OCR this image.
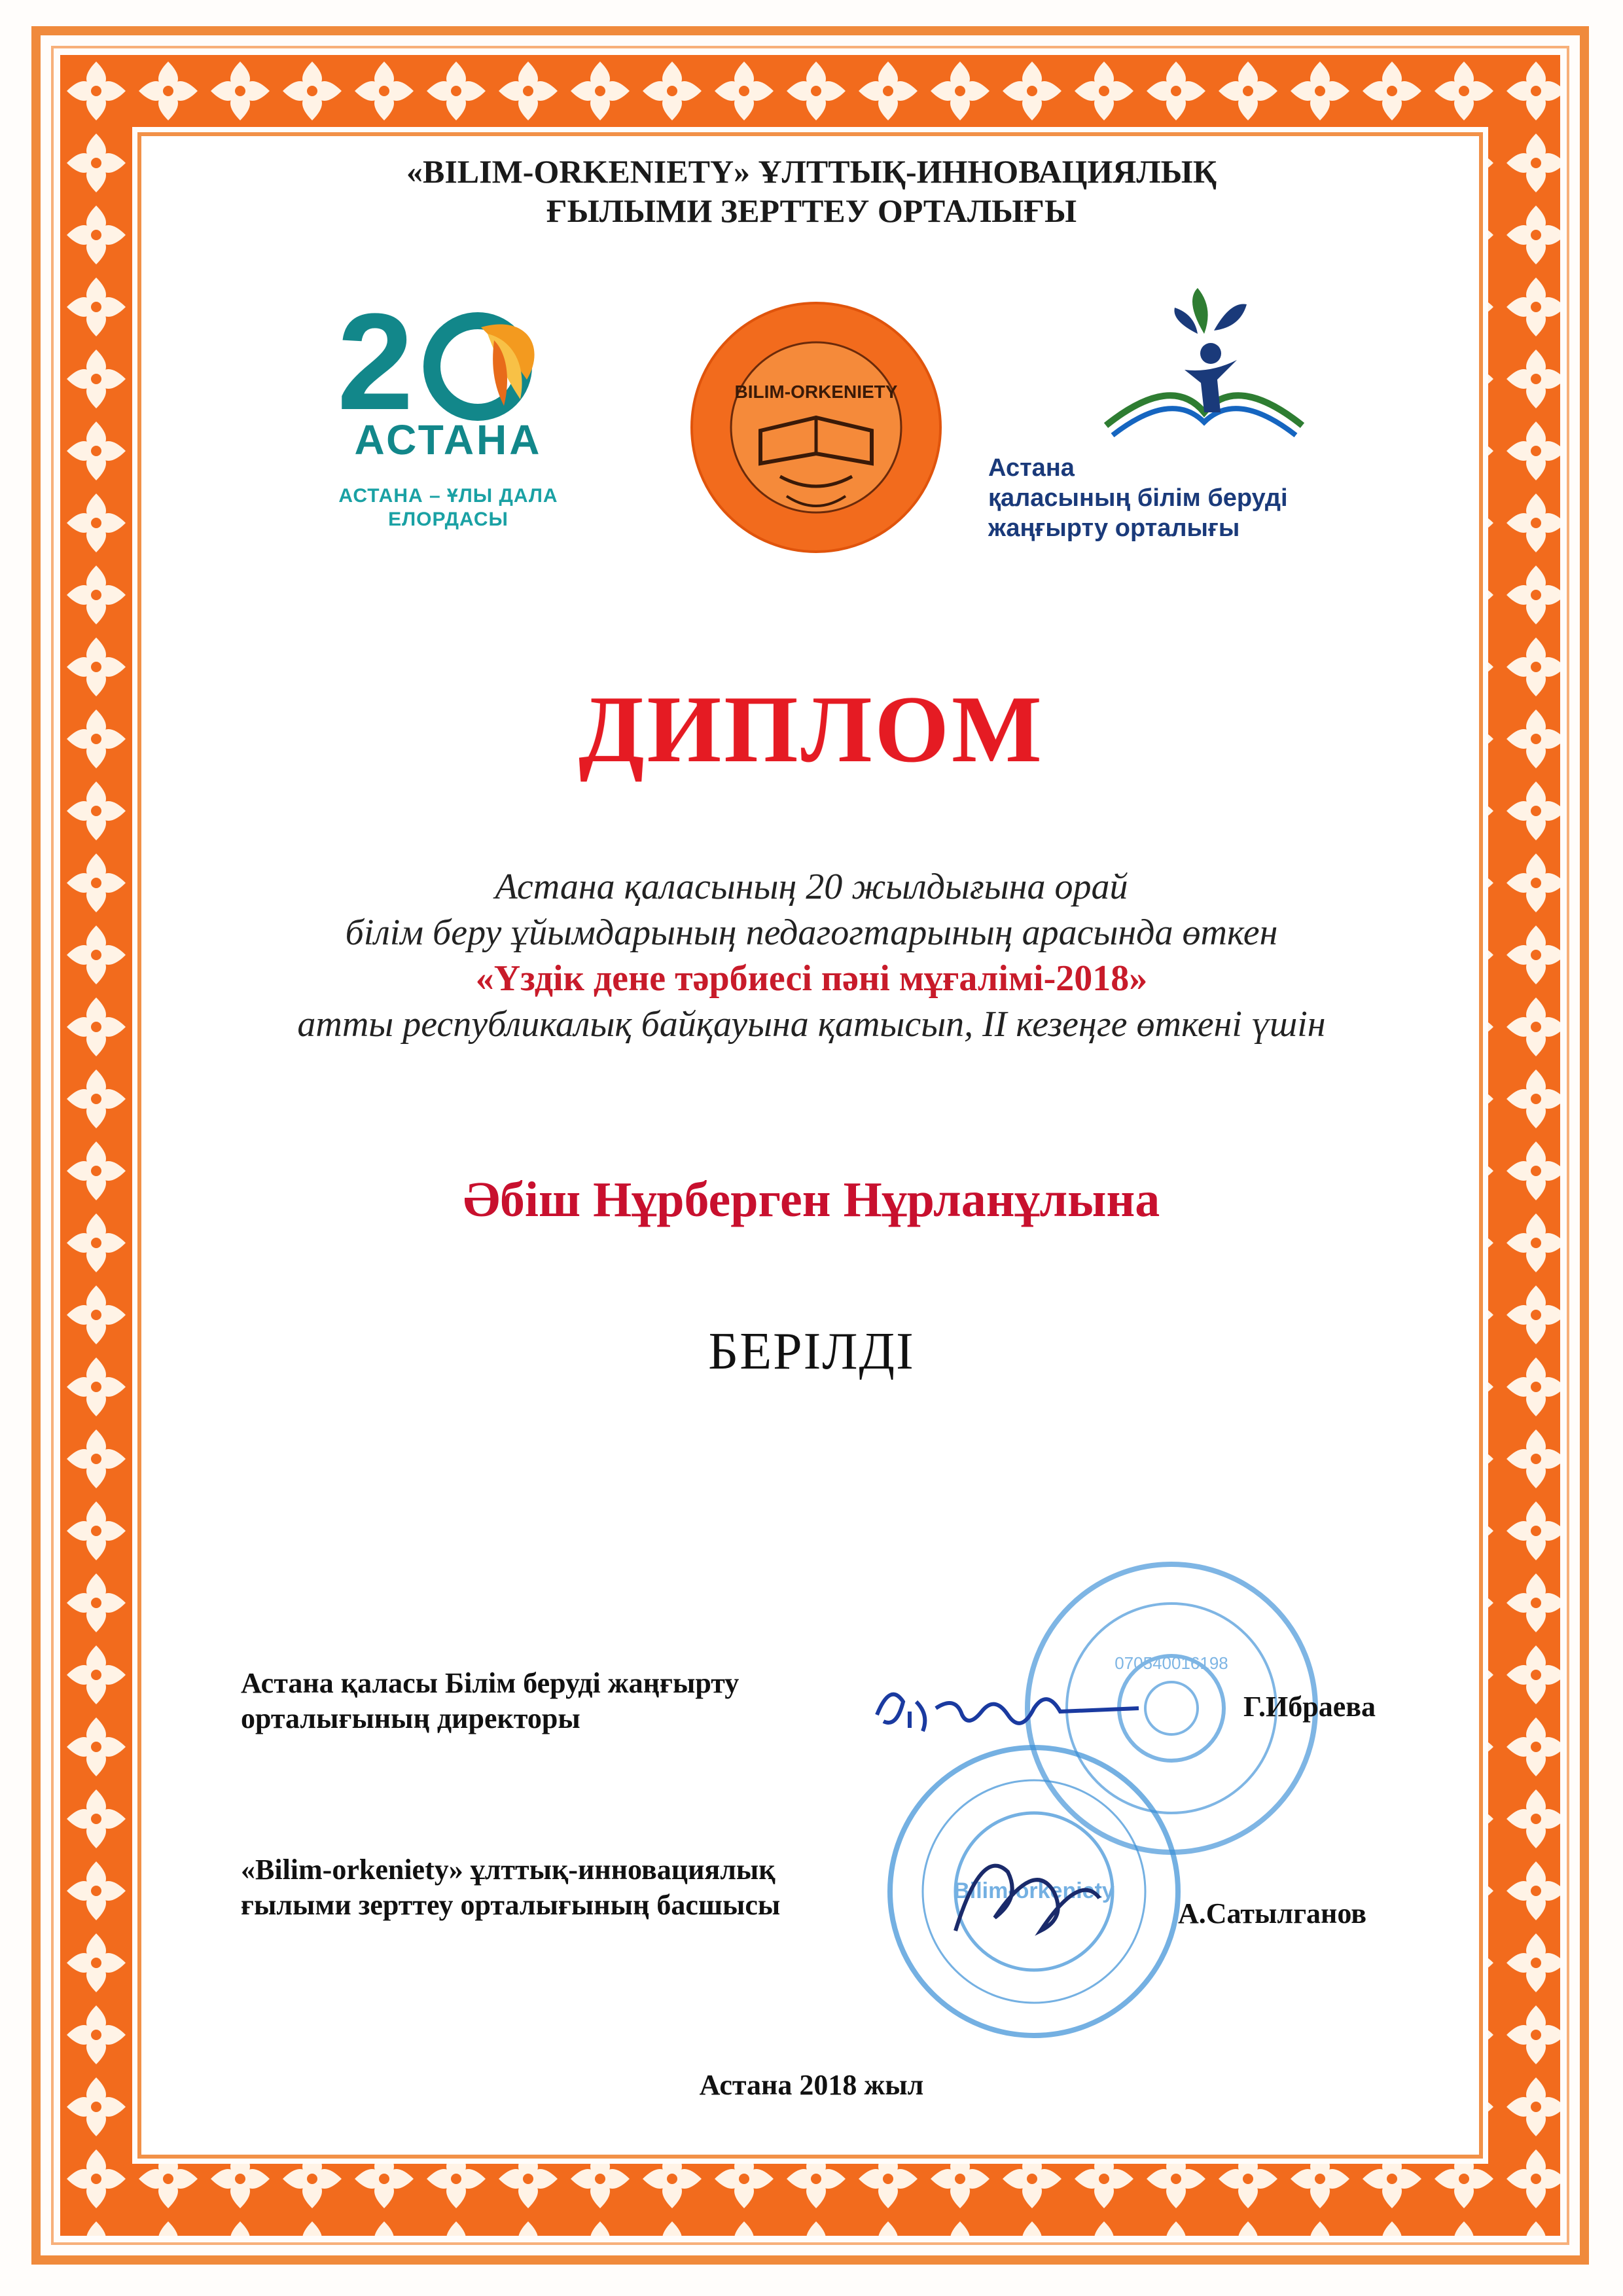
«BILIM-ORKENIETY» ҰЛТТЫҚ-ИННОВАЦИЯЛЫҚ
ҒЫЛЫМИ ЗЕРТТЕУ ОРТАЛЫҒЫ
2
АСТАНА
АСТАНА – ҰЛЫ ДАЛА
ЕЛОРДАСЫ
BILIM-ORKENIETY
Астана
қаласының білім беруді
жаңғырту орталығы
ДИПЛОМ
Астана қаласының 20 жылдығына орай
білім беру ұйымдарының педагогтарының арасында өткен
«Үздік дене тәрбиесі пәні мұғалімі-2018»
атты республикалық байқауына қатысып, II кезеңге өткені үшін
Әбіш Нұрберген Нұрланұлына
БЕРІЛДІ
070540016198
Bilim-orkeniety
Астана қаласы Білім беруді жаңғырту
орталығының директоры	Г.Ибраева
«Bilim-orkeniety» ұлттық-инновациялық
ғылыми зерттеу орталығының басшысы	А.Сатылганов
Астана 2018 жыл
